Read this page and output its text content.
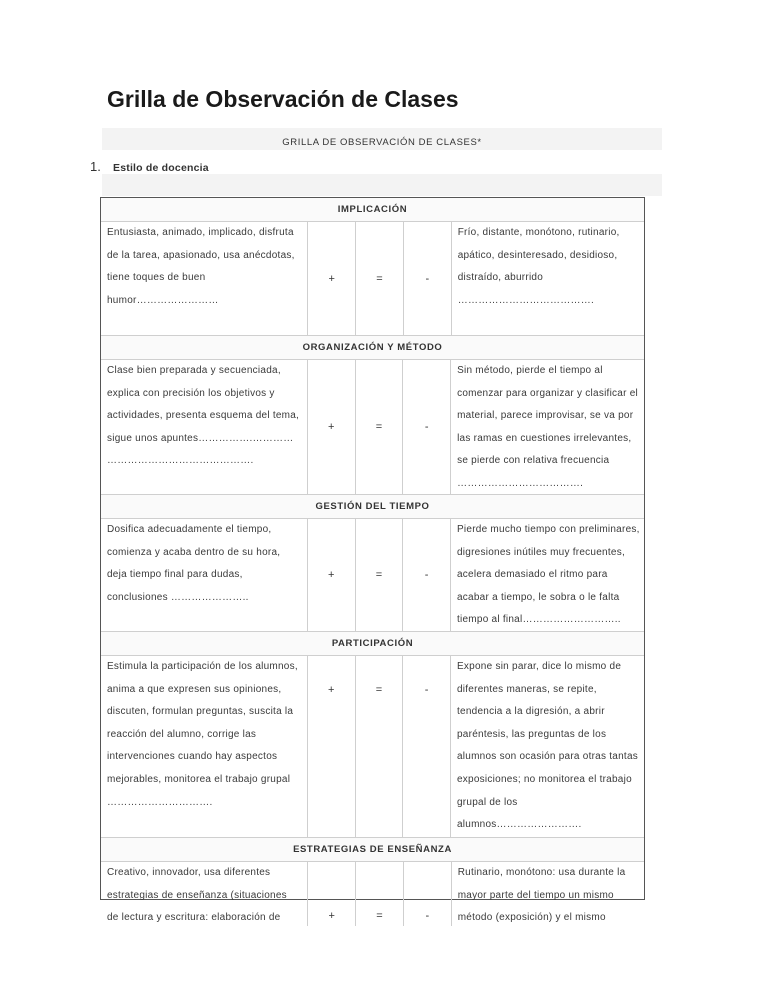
Grilla de Observación de Clases
GRILLA DE OBSERVACIÓN DE CLASES*
1. Estilo de docencia
IMPLICACIÓN
Entusiasta, animado, implicado, disfruta
de la tarea, apasionado, usa anécdotas,
tiene toques de buen
humor……………………
+	=	-
Frío, distante, monótono, rutinario,
apático, desinteresado, desidioso,
distraído, aburrido
………………………………….
ORGANIZACIÓN Y MÉTODO
Clase bien preparada y secuenciada,
explica con precisión los objetivos y
actividades, presenta esquema del tema,
sigue unos apuntes…………….…………
…………………………………….
+	=	-
Sin método, pierde el tiempo al
comenzar para organizar y clasificar el
material, parece improvisar, se va por
las ramas en cuestiones irrelevantes,
se pierde con relativa frecuencia
……………………………….
GESTIÓN DEL TIEMPO
Dosifica adecuadamente el tiempo,
comienza y acaba dentro de su hora,
deja tiempo final para dudas,
conclusiones …………………..
+	=	-
Pierde mucho tiempo con preliminares,
digresiones inútiles muy frecuentes,
acelera demasiado el ritmo para
acabar a tiempo, le sobra o le falta
tiempo al final………………………..
PARTICIPACIÓN
Estimula la participación de los alumnos,
anima a que expresen sus opiniones,
discuten, formulan preguntas, suscita la
reacción del alumno, corrige las
intervenciones cuando hay aspectos
mejorables, monitorea el trabajo grupal
………………………….
+	=	-
Expone sin parar, dice lo mismo de
diferentes maneras, se repite,
tendencia a la digresión, a abrir
paréntesis, las preguntas de los
alumnos son ocasión para otras tantas
exposiciones; no monitorea el trabajo
grupal de los
alumnos…………………….
ESTRATEGIAS DE ENSEÑANZA
Creativo, innovador, usa diferentes
estrategias de enseñanza (situaciones
de lectura y escritura: elaboración de	+	=	-
Rutinario, monótono: usa durante la
mayor parte del tiempo un mismo
método (exposición) y el mismo
